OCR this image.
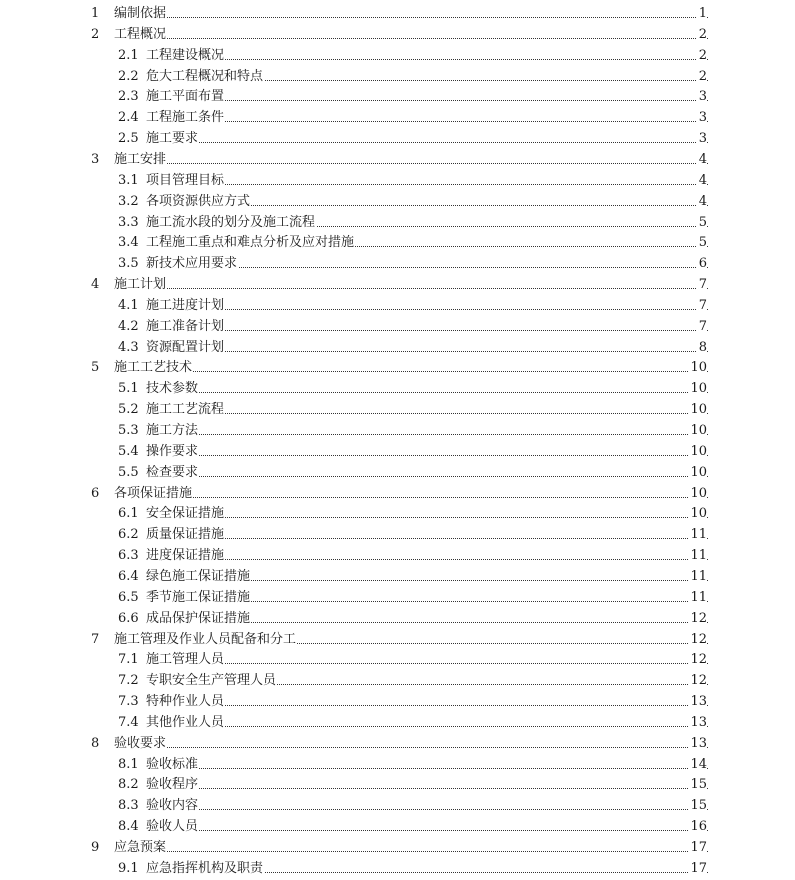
1 编制依据	1
2 工程概况	2
2.1 工程建设概况	2
2.2 危大工程概况和特点	2
2.3 施工平面布置	3
2.4 工程施工条件	3
2.5 施工要求	3
3 施工安排	4
3.1 项目管理目标	4
3.2 各项资源供应方式	4
3.3 施工流水段的划分及施工流程	5
3.4 工程施工重点和难点分析及应对措施	5
3.5 新技术应用要求	6
4 施工计划	7
4.1 施工进度计划	7
4.2 施工准备计划	7
4.3 资源配置计划	8
5 施工工艺技术	10
5.1 技术参数	10
5.2 施工工艺流程	10
5.3 施工方法	10
5.4 操作要求	10
5.5 检查要求	10
6 各项保证措施	10
6.1 安全保证措施	10
6.2 质量保证措施	11
6.3 进度保证措施	11
6.4 绿色施工保证措施	11
6.5 季节施工保证措施	11
6.6 成品保护保证措施	12
7 施工管理及作业人员配备和分工	12
7.1 施工管理人员	12
7.2 专职安全生产管理人员	12
7.3 特种作业人员	13
7.4 其他作业人员	13
8 验收要求	13
8.1 验收标准	14
8.2 验收程序	15
8.3 验收内容	15
8.4 验收人员	16
9 应急预案	17
9.1 应急指挥机构及职责	17
